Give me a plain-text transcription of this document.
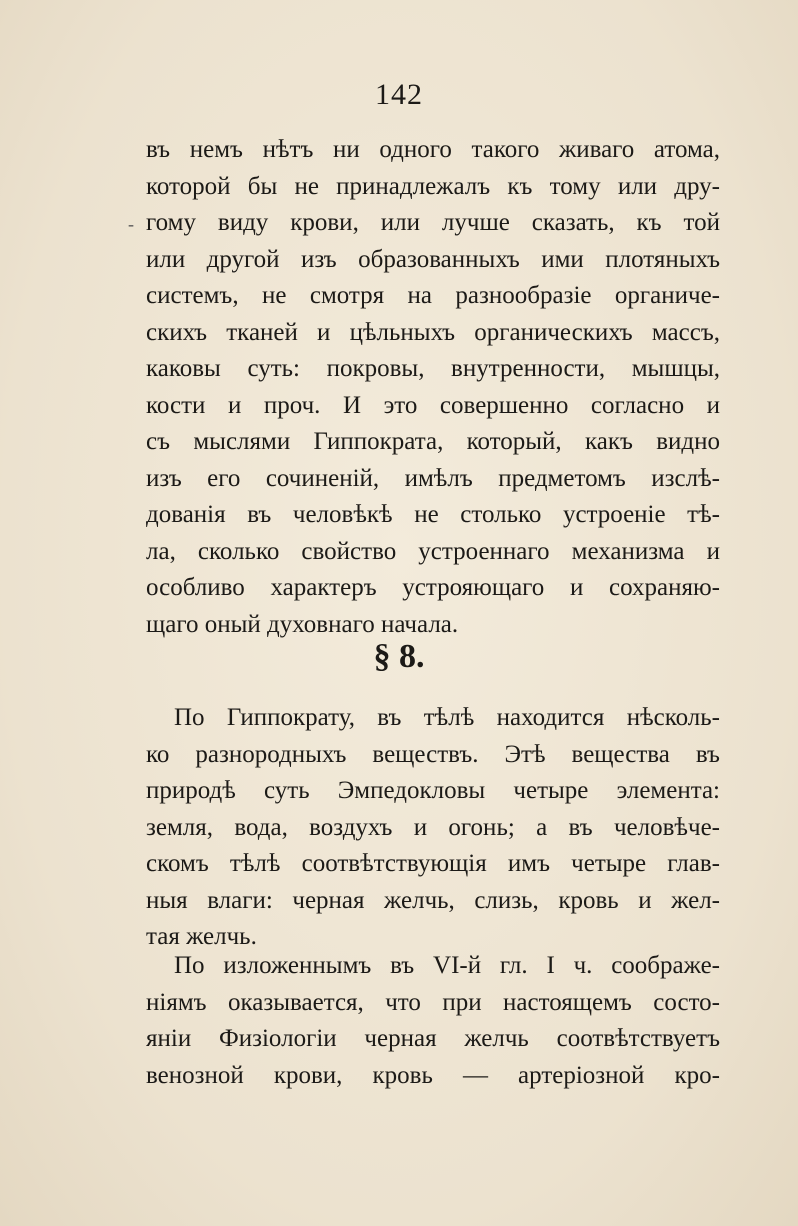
142
-
въ немъ нѣтъ ни одного такого живаго атома,
которой бы не принадлежалъ къ тому или дру-
гому виду крови, или лучше сказать, къ той
или другой изъ образованныхъ ими плотяныхъ
системъ, не смотря на разнообразіе органиче-
скихъ тканей и цѣльныхъ органическихъ массъ,
каковы суть: покровы, внутренности, мышцы,
кости и проч. И это совершенно согласно и
съ мыслями Гиппократа, который, какъ видно
изъ его сочиненій, имѣлъ предметомъ изслѣ-
дованія въ человѣкѣ не столько устроеніе тѣ-
ла, сколько свойство устроеннаго механизма и
особливо характеръ устрояющаго и сохраняю-
щаго оный духовнаго начала.
§ 8.
По Гиппократу, въ тѣлѣ находится нѣсколь-
ко разнородныхъ веществъ. Этѣ вещества въ
природѣ суть Эмпедокловы четыре элемента:
земля, вода, воздухъ и огонь; а въ человѣче-
скомъ тѣлѣ соотвѣтствующія имъ четыре глав-
ныя влаги: черная желчь, слизь, кровь и жел-
тая желчь.
По изложеннымъ въ VI-й гл. I ч. соображе-
ніямъ оказывается, что при настоящемъ состо-
яніи Физіологіи черная желчь соотвѣтствуетъ
венозной крови, кровь — артеріозной кро-
